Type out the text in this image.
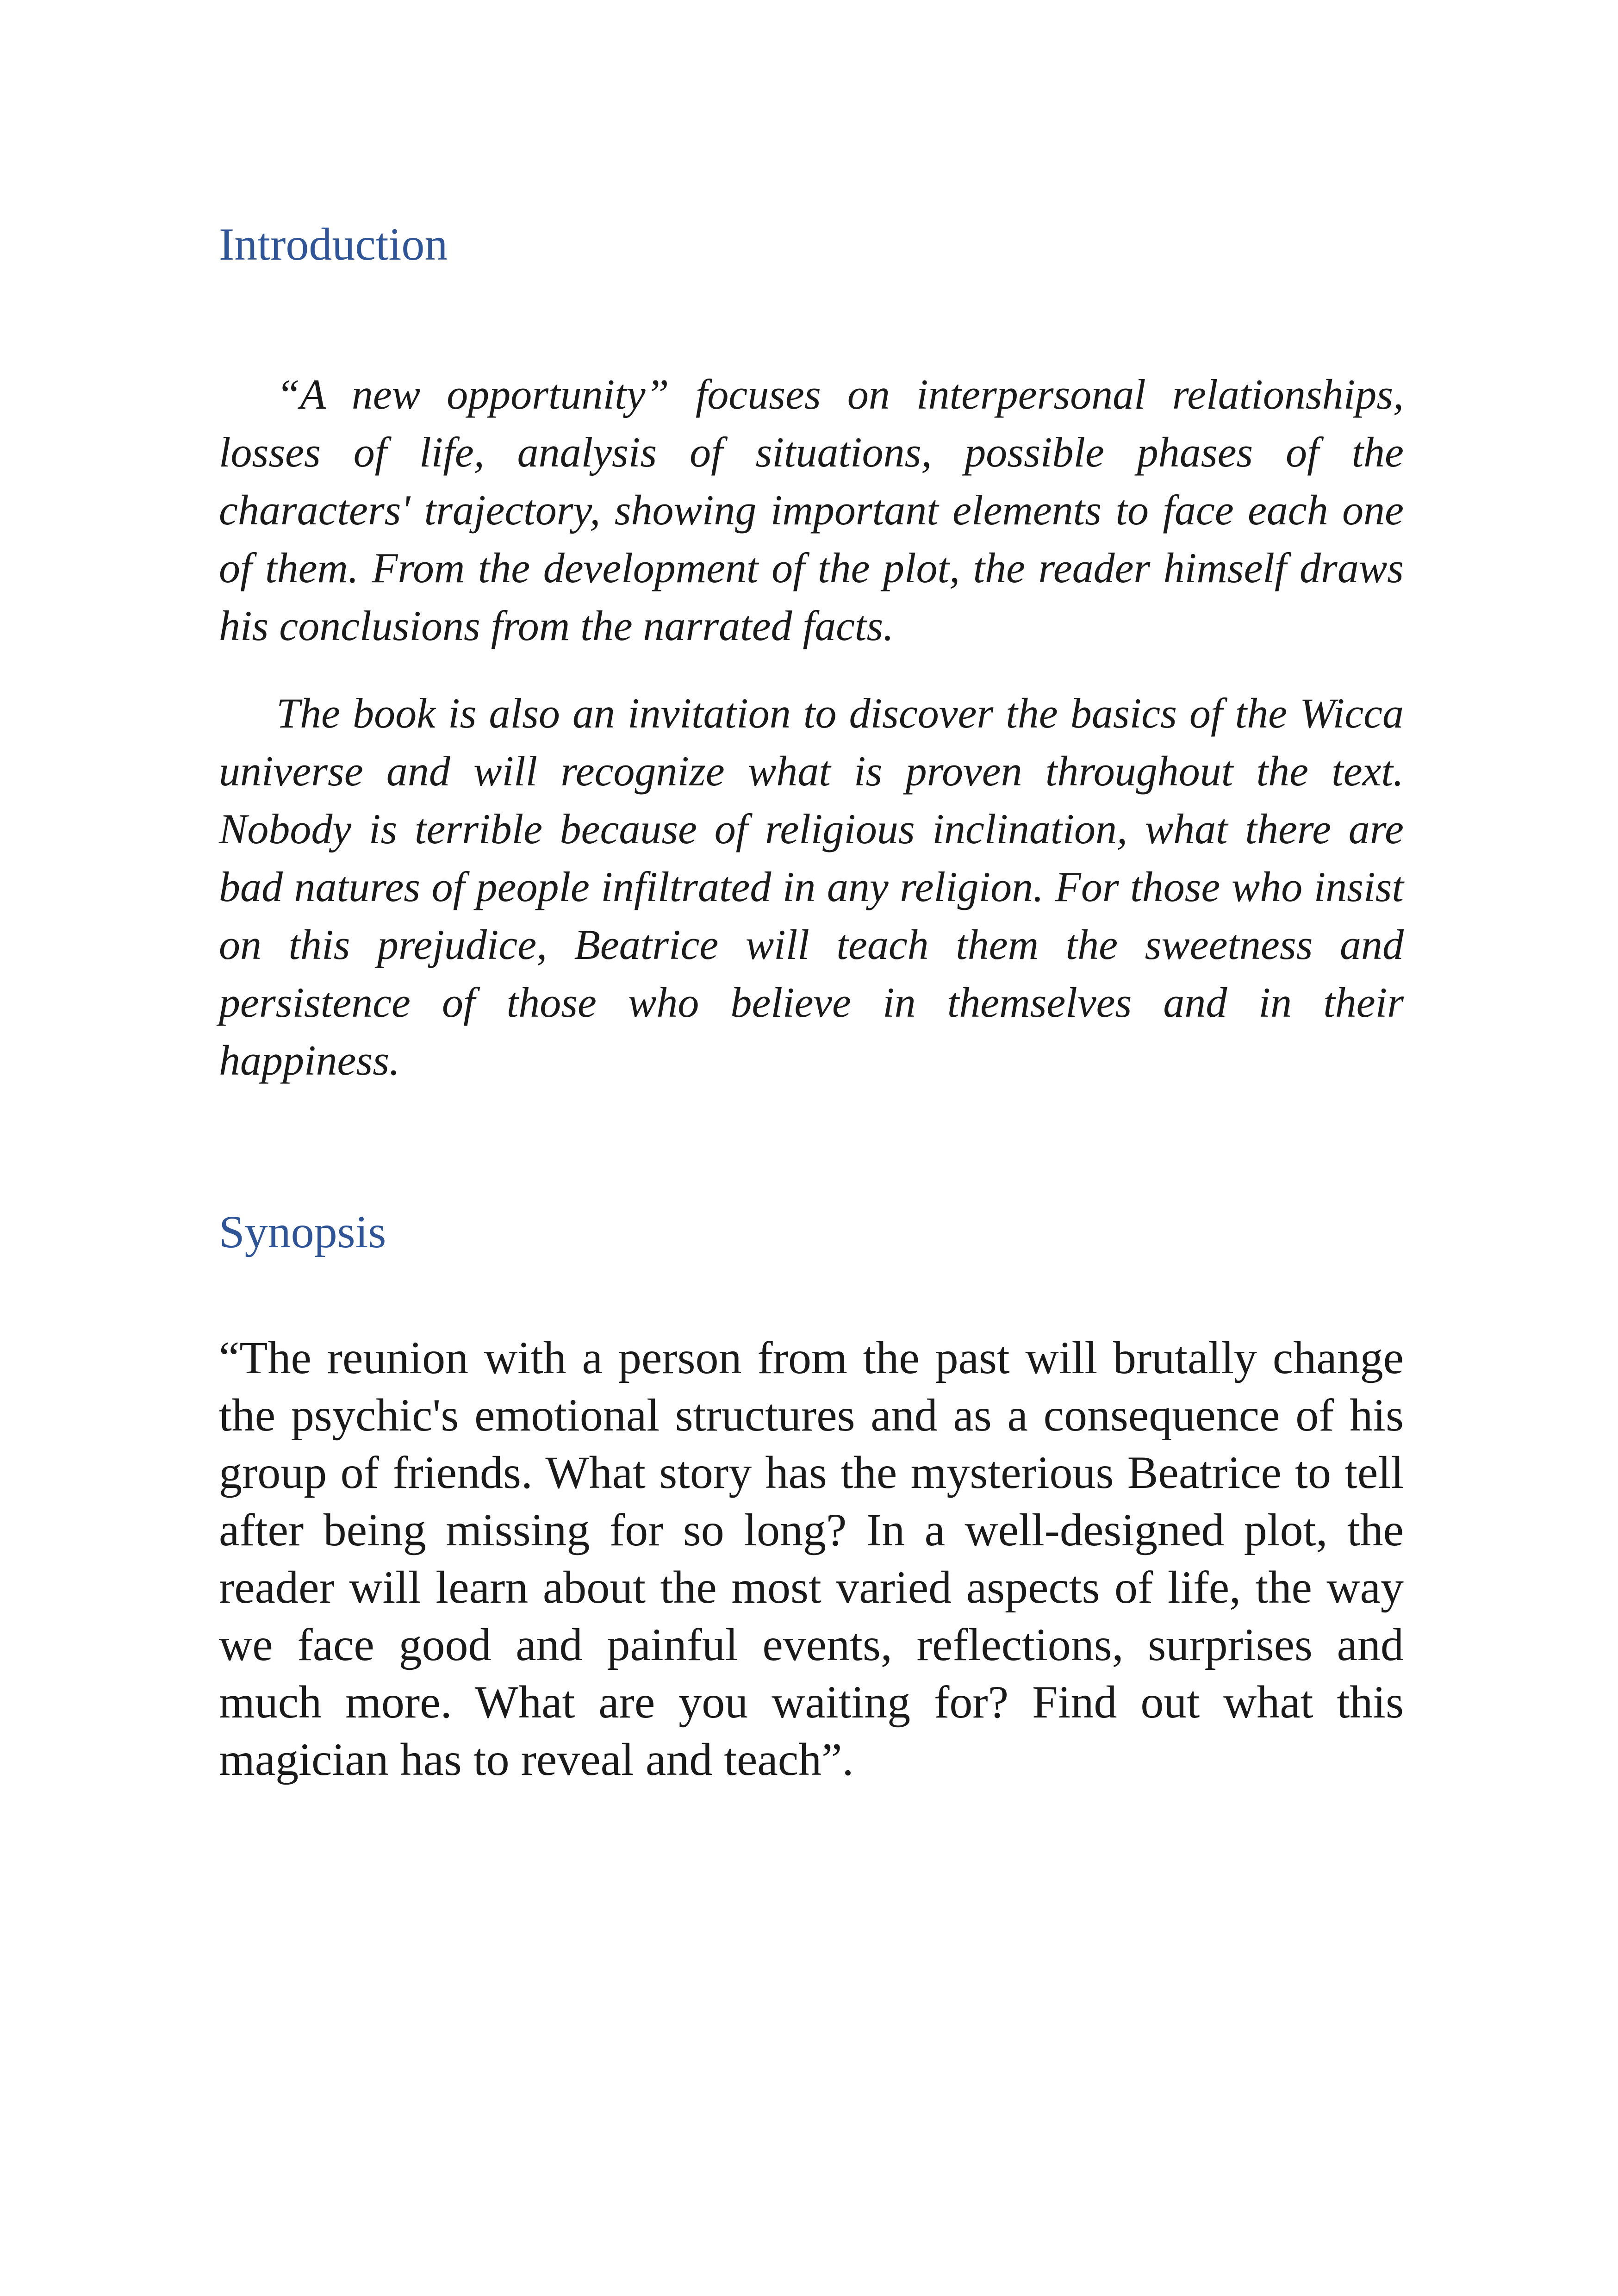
Introduction

“A new opportunity” focuses on interpersonal relationships, losses of life, analysis of situations, possible phases of the characters' trajectory, showing important elements to face each one of them. From the development of the plot, the reader himself draws his conclusions from the narrated facts.

The book is also an invitation to discover the basics of the Wicca universe and will recognize what is proven throughout the text. Nobody is terrible because of religious inclination, what there are bad natures of people infiltrated in any religion. For those who insist on this prejudice, Beatrice will teach them the sweetness and persistence of those who believe in themselves and in their happiness.

Synopsis

“The reunion with a person from the past will brutally change the psychic's emotional structures and as a consequence of his group of friends. What story has the mysterious Beatrice to tell after being missing for so long? In a well-designed plot, the reader will learn about the most varied aspects of life, the way we face good and painful events, reflections, surprises and much more. What are you waiting for? Find out what this magician has to reveal and teach”.
